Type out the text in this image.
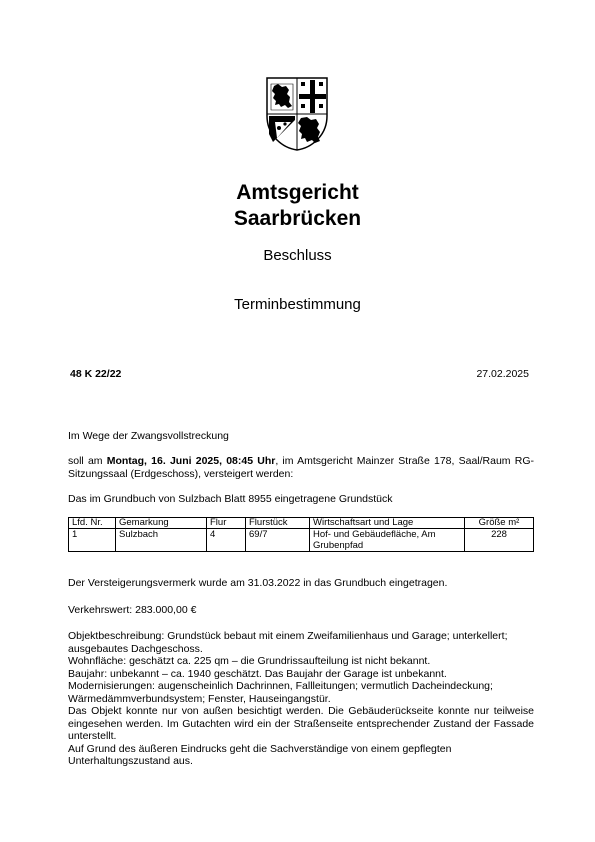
Amtsgericht
Saarbrücken
Beschluss
Terminbestimmung
48 K 22/22	27.02.2025
Im Wege der Zwangsvollstreckung
soll am Montag, 16. Juni 2025, 08:45 Uhr, im Amtsgericht Mainzer Straße 178, Saal/Raum RG-Sitzungssaal (Erdgeschoss), versteigert werden:
Das im Grundbuch von Sulzbach Blatt 8955 eingetragene Grundstück
Lfd. Nr.	Gemarkung	Flur	Flurstück	Wirtschaftsart und Lage	Größe m²
1	Sulzbach	4	69/7	Hof- und Gebäudefläche, Am Grubenpfad	228
Der Versteigerungsvermerk wurde am 31.03.2022 in das Grundbuch eingetragen.
Verkehrswert: 283.000,00 €

Objektbeschreibung: Grundstück bebaut mit einem Zweifamilienhaus und Garage; unterkellert; ausgebautes Dachgeschoss.

Wohnfläche: geschätzt ca. 225 qm – die Grundrissaufteilung ist nicht bekannt.

Baujahr: unbekannt – ca. 1940 geschätzt. Das Baujahr der Garage ist unbekannt.

Modernisierungen: augenscheinlich Dachrinnen, Fallleitungen; vermutlich Dacheindeckung; Wärmedämmverbundsystem; Fenster, Hauseingangstür.

Das Objekt konnte nur von außen besichtigt werden. Die Gebäuderückseite konnte nur teilweise eingesehen werden. Im Gutachten wird ein der Straßenseite entsprechender Zustand der Fassade unterstellt.

Auf Grund des äußeren Eindrucks geht die Sachverständige von einem gepflegten Unterhaltungszustand aus.
